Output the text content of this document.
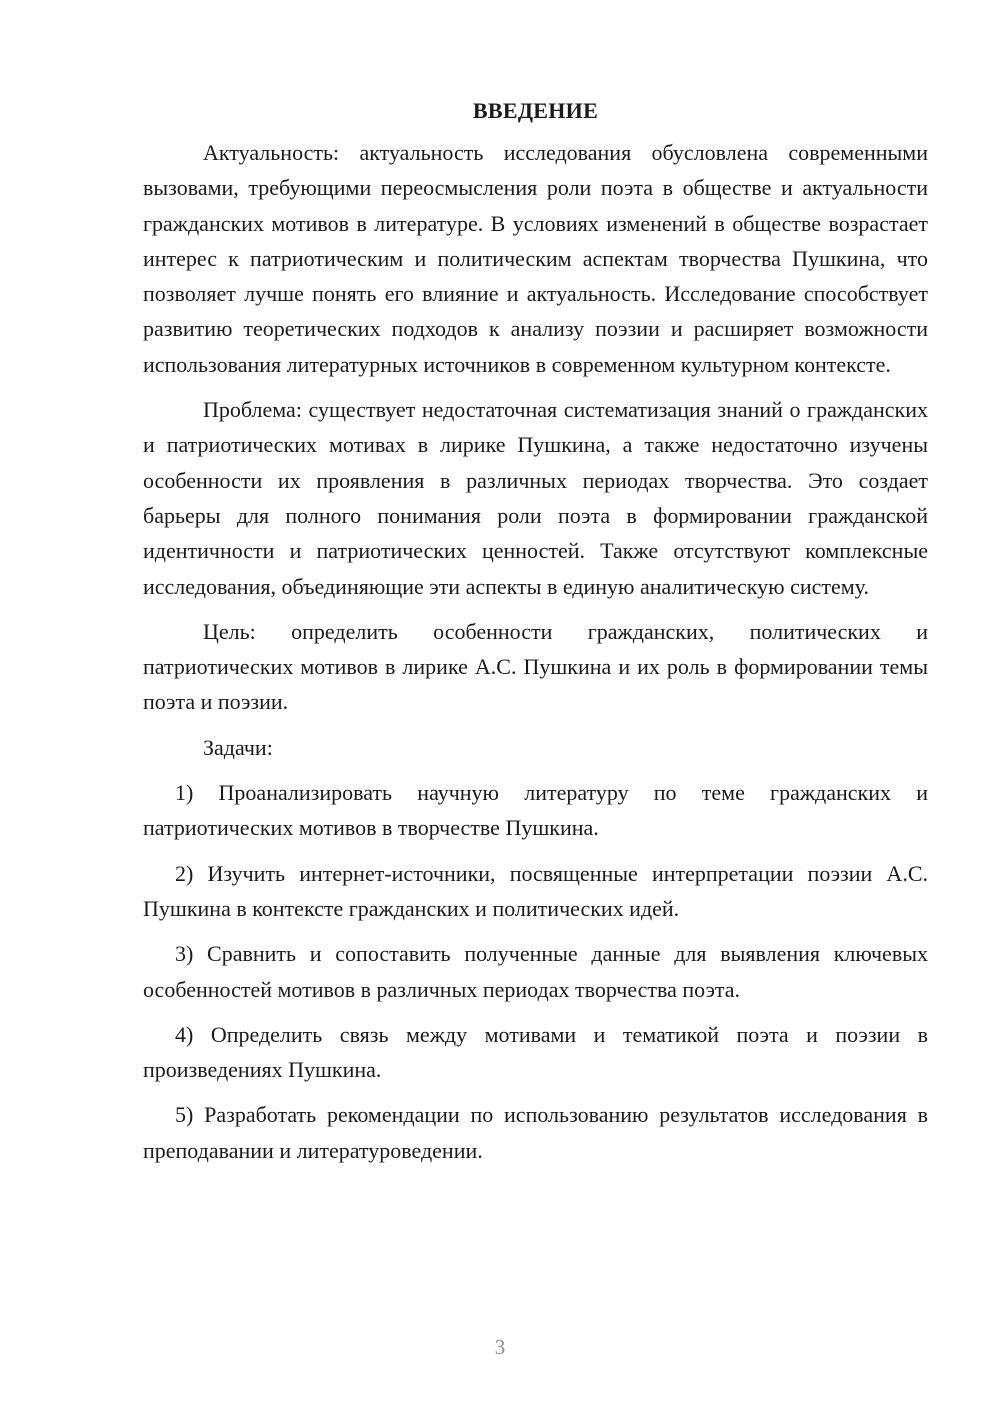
ВВЕДЕНИЕ

Актуальность: актуальность исследования обусловлена современными вызовами, требующими переосмысления роли поэта в обществе и актуальности гражданских мотивов в литературе. В условиях изменений в обществе возрастает интерес к патриотическим и политическим аспектам творчества Пушкина, что позволяет лучше понять его влияние и актуальность. Исследование способствует развитию теоретических подходов к анализу поэзии и расширяет возможности использования литературных источников в современном культурном контексте.

Проблема: существует недостаточная систематизация знаний о гражданских и патриотических мотивах в лирике Пушкина, а также недостаточно изучены особенности их проявления в различных периодах творчества. Это создает барьеры для полного понимания роли поэта в формировании гражданской идентичности и патриотических ценностей. Также отсутствуют комплексные исследования, объединяющие эти аспекты в единую аналитическую систему.

Цель: определить особенности гражданских, политических и патриотических мотивов в лирике А.С. Пушкина и их роль в формировании темы поэта и поэзии.

Задачи:

1) Проанализировать научную литературу по теме гражданских и патриотических мотивов в творчестве Пушкина.

2) Изучить интернет-источники, посвященные интерпретации поэзии А.С. Пушкина в контексте гражданских и политических идей.

3) Сравнить и сопоставить полученные данные для выявления ключевых особенностей мотивов в различных периодах творчества поэта.

4) Определить связь между мотивами и тематикой поэта и поэзии в произведениях Пушкина.

5) Разработать рекомендации по использованию результатов исследования в преподавании и литературоведении.

3
